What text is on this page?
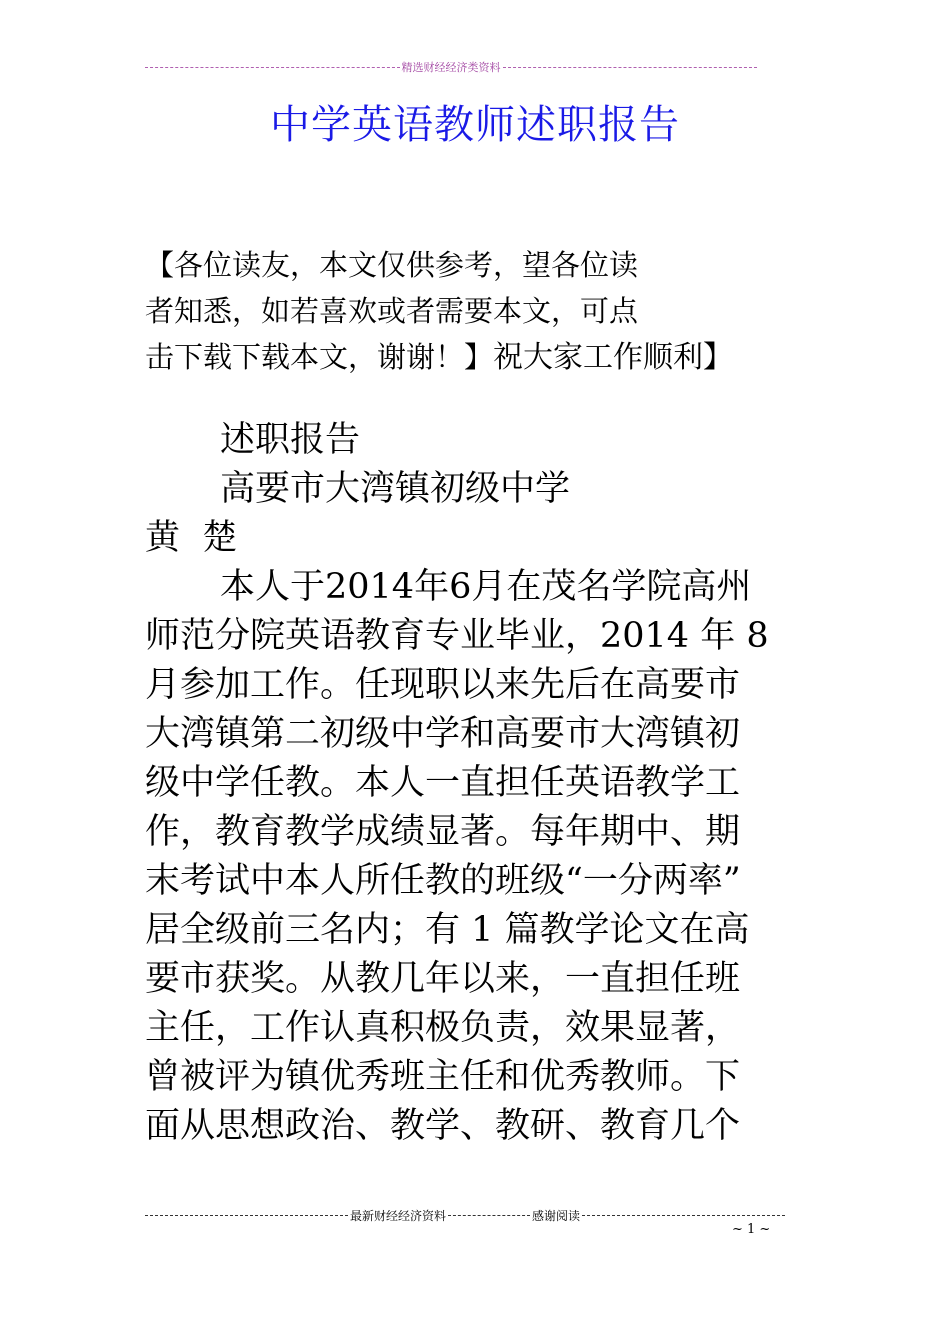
精选财经经济类资料
中学英语教师述职报告
【各位读友，本文仅供参考，望各位读
者知悉，如若喜欢或者需要本文，可点
击下载下载本文，谢谢！】祝大家工作顺利】
述职报告
高要市大湾镇初级中学
黄  楚
本人于2014年6月在茂名学院高州
师范分院英语教育专业毕业，2014 年 8
月参加工作。任现职以来先后在高要市
大湾镇第二初级中学和高要市大湾镇初
级中学任教。本人一直担任英语教学工
作，教育教学成绩显著。每年期中、期
末考试中本人所任教的班级“一分两率”
居全级前三名内；有 1 篇教学论文在高
要市获奖。从教几年以来，一直担任班
主任，工作认真积极负责，效果显著，
曾被评为镇优秀班主任和优秀教师。下
面从思想政治、教学、教研、教育几个
最新财经经济资料	感谢阅读
~ 1 ~
